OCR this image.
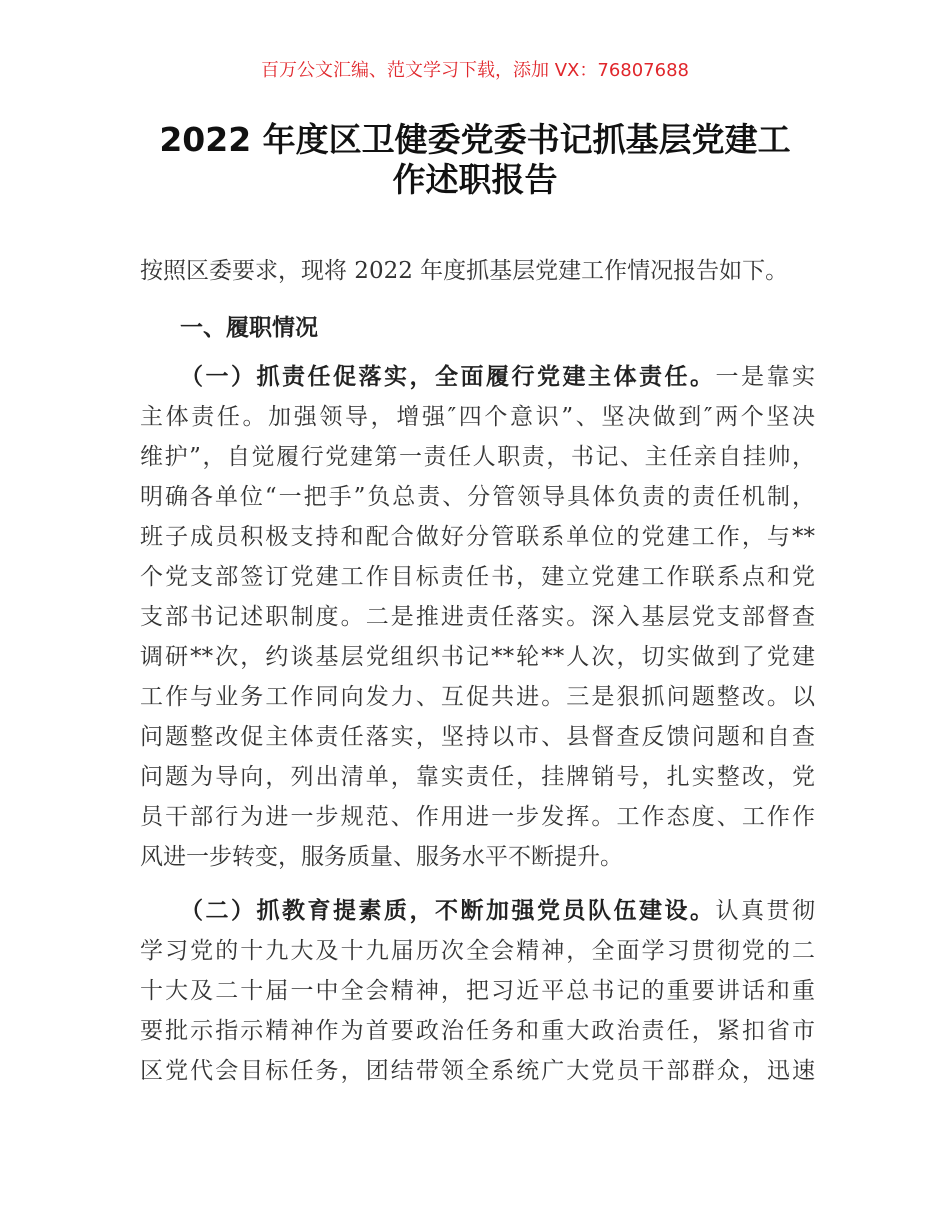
百万公文汇编、范文学习下载，添加 VX：76807688
2022 年度区卫健委党委书记抓基层党建工
作述职报告
按照区委要求，现将 2022 年度抓基层党建工作情况报告如下。
一、履职情况
（一）抓责任促落实，全面履行党建主体责任。一是靠实
主体责任。加强领导，增强″四个意识”、坚决做到″两个坚决
维护”，自觉履行党建第一责任人职责，书记、主任亲自挂帅，
明确各单位“一把手”负总责、分管领导具体负责的责任机制，
班子成员积极支持和配合做好分管联系单位的党建工作，与**
个党支部签订党建工作目标责任书，建立党建工作联系点和党
支部书记述职制度。二是推进责任落实。深入基层党支部督查
调研**次，约谈基层党组织书记**轮**人次，切实做到了党建
工作与业务工作同向发力、互促共进。三是狠抓问题整改。以
问题整改促主体责任落实，坚持以市、县督查反馈问题和自查
问题为导向，列出清单，靠实责任，挂牌销号，扎实整改，党
员干部行为进一步规范、作用进一步发挥。工作态度、工作作
风进一步转变，服务质量、服务水平不断提升。
（二）抓教育提素质，不断加强党员队伍建设。认真贯彻
学习党的十九大及十九届历次全会精神，全面学习贯彻党的二
十大及二十届一中全会精神，把习近平总书记的重要讲话和重
要批示指示精神作为首要政治任务和重大政治责任，紧扣省市
区党代会目标任务，团结带领全系统广大党员干部群众，迅速
